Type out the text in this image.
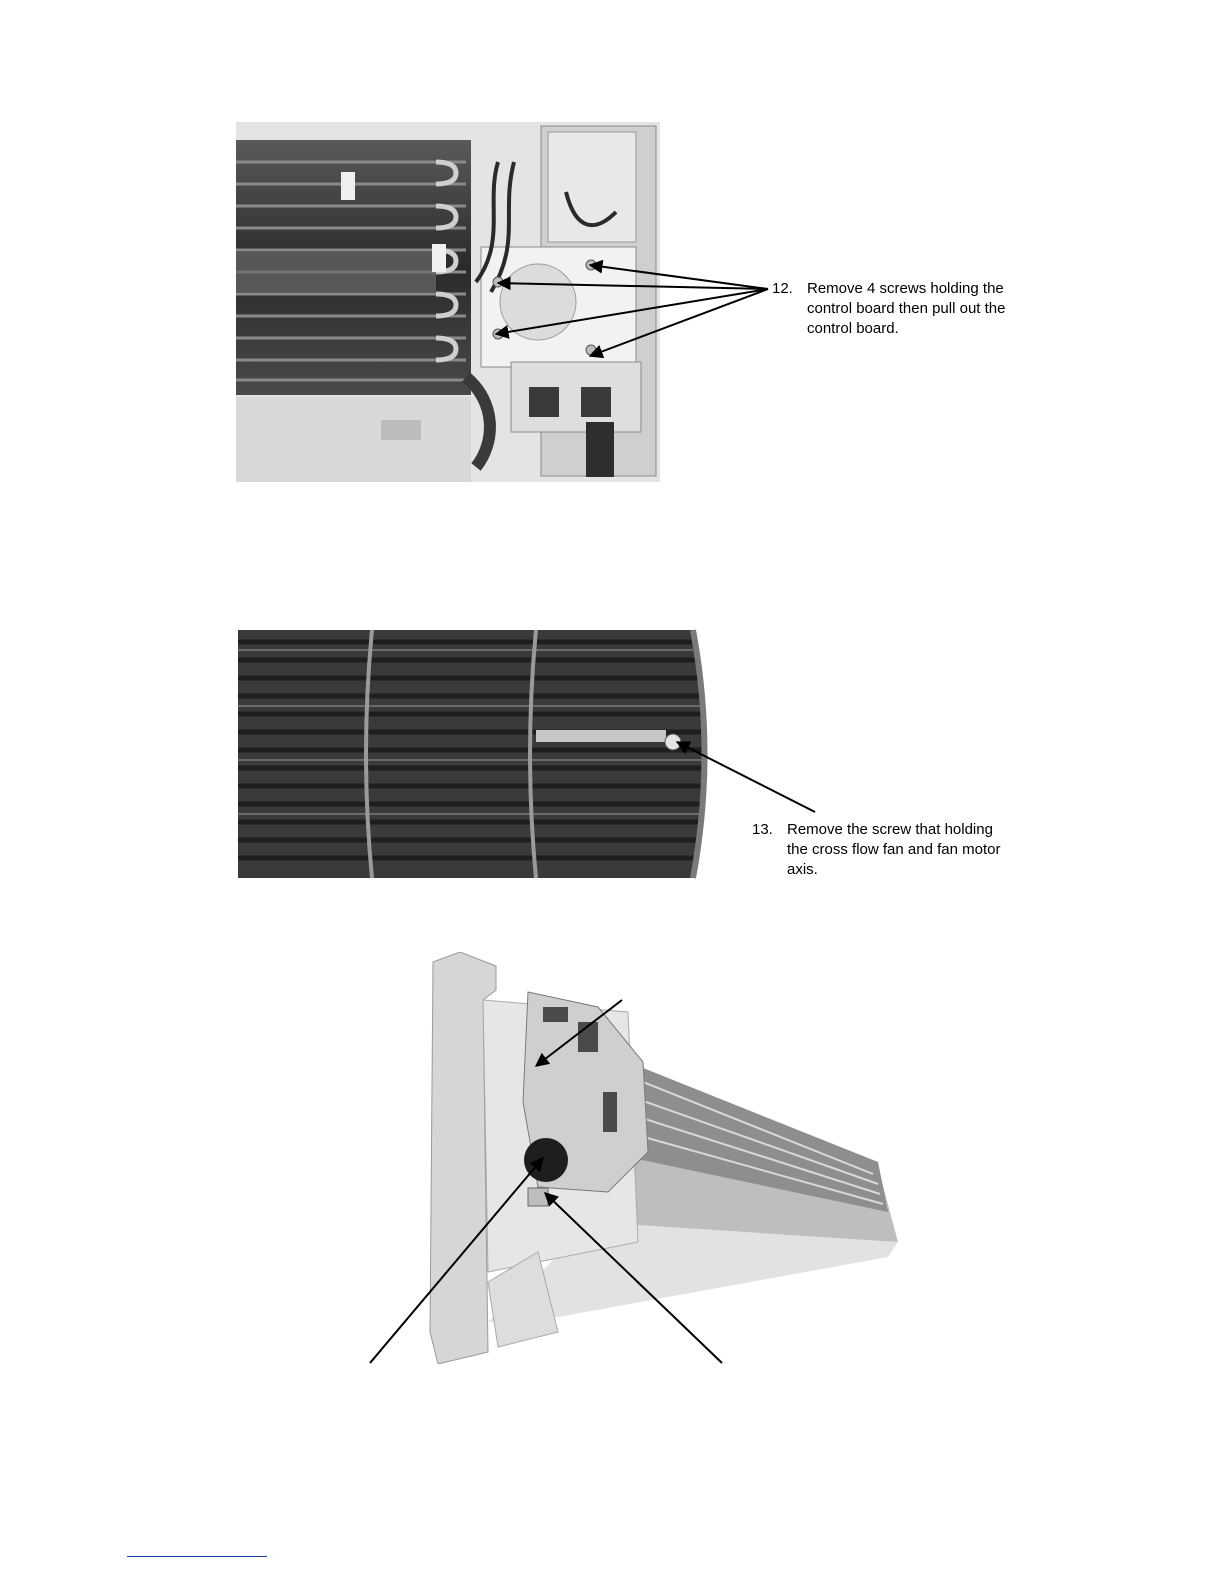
12. Remove 4 screws holding the
control board then pull out the
control board.
13. Remove the screw that holding
the cross flow fan and fan motor
axis.
